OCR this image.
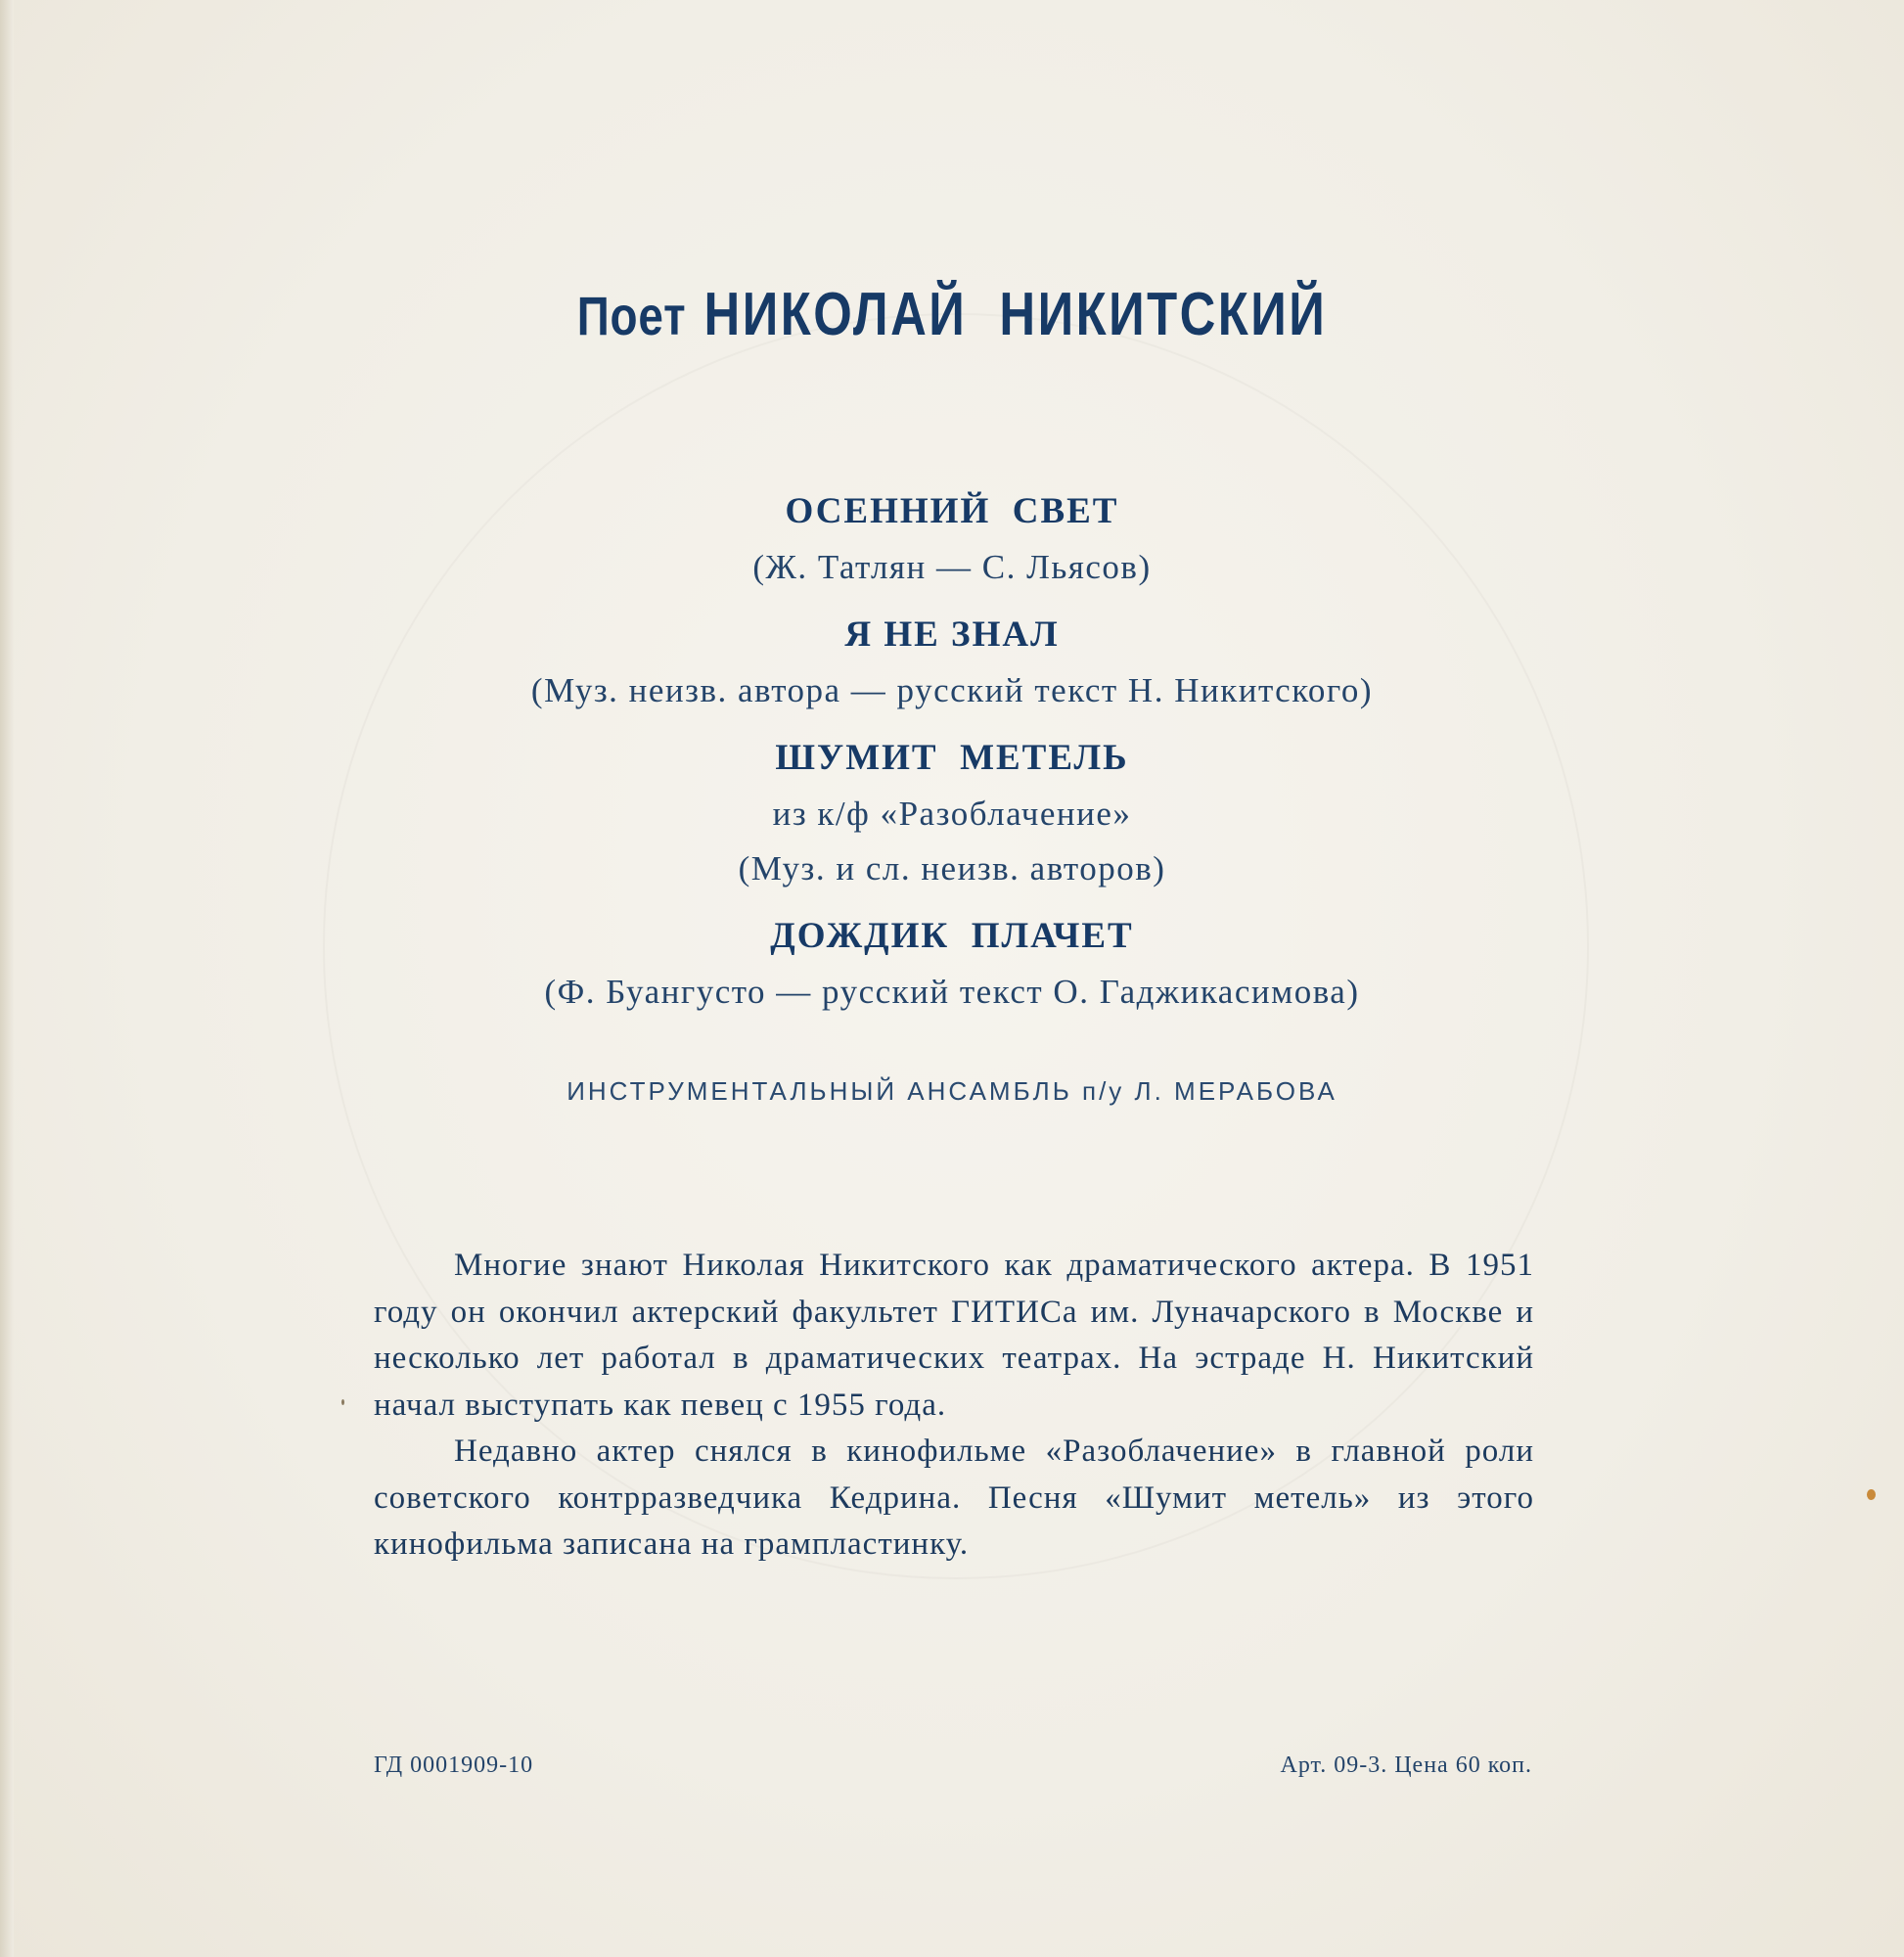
Поет НИКОЛАЙ  НИКИТСКИЙ
ОСЕННИЙ  СВЕТ
(Ж. Татлян — С. Льясов)
Я НЕ ЗНАЛ
(Муз. неизв. автора — русский текст Н. Никитского)
ШУМИТ  МЕТЕЛЬ
из к/ф «Разоблачение»
(Муз. и сл. неизв. авторов)
ДОЖДИК  ПЛАЧЕТ
(Ф. Буангусто — русский текст О. Гаджикасимова)
ИНСТРУМЕНТАЛЬНЫЙ АНСАМБЛЬ п/у Л. МЕРАБОВА

Многие знают Николая Никитского как драматического актера. В 1951 году он окончил актерский факультет ГИТИСа им. Луначарского в Москве и несколько лет работал в драматических театрах. На эстраде Н. Никитский начал выступать как певец с 1955 года.

Недавно актер снялся в кинофильме «Разоблачение» в главной роли советского контрразведчика Кедрина. Песня «Шумит метель» из этого кинофильма записана на грампластинку.

ГД 0001909-10	Арт. 09-3. Цена 60 коп.
